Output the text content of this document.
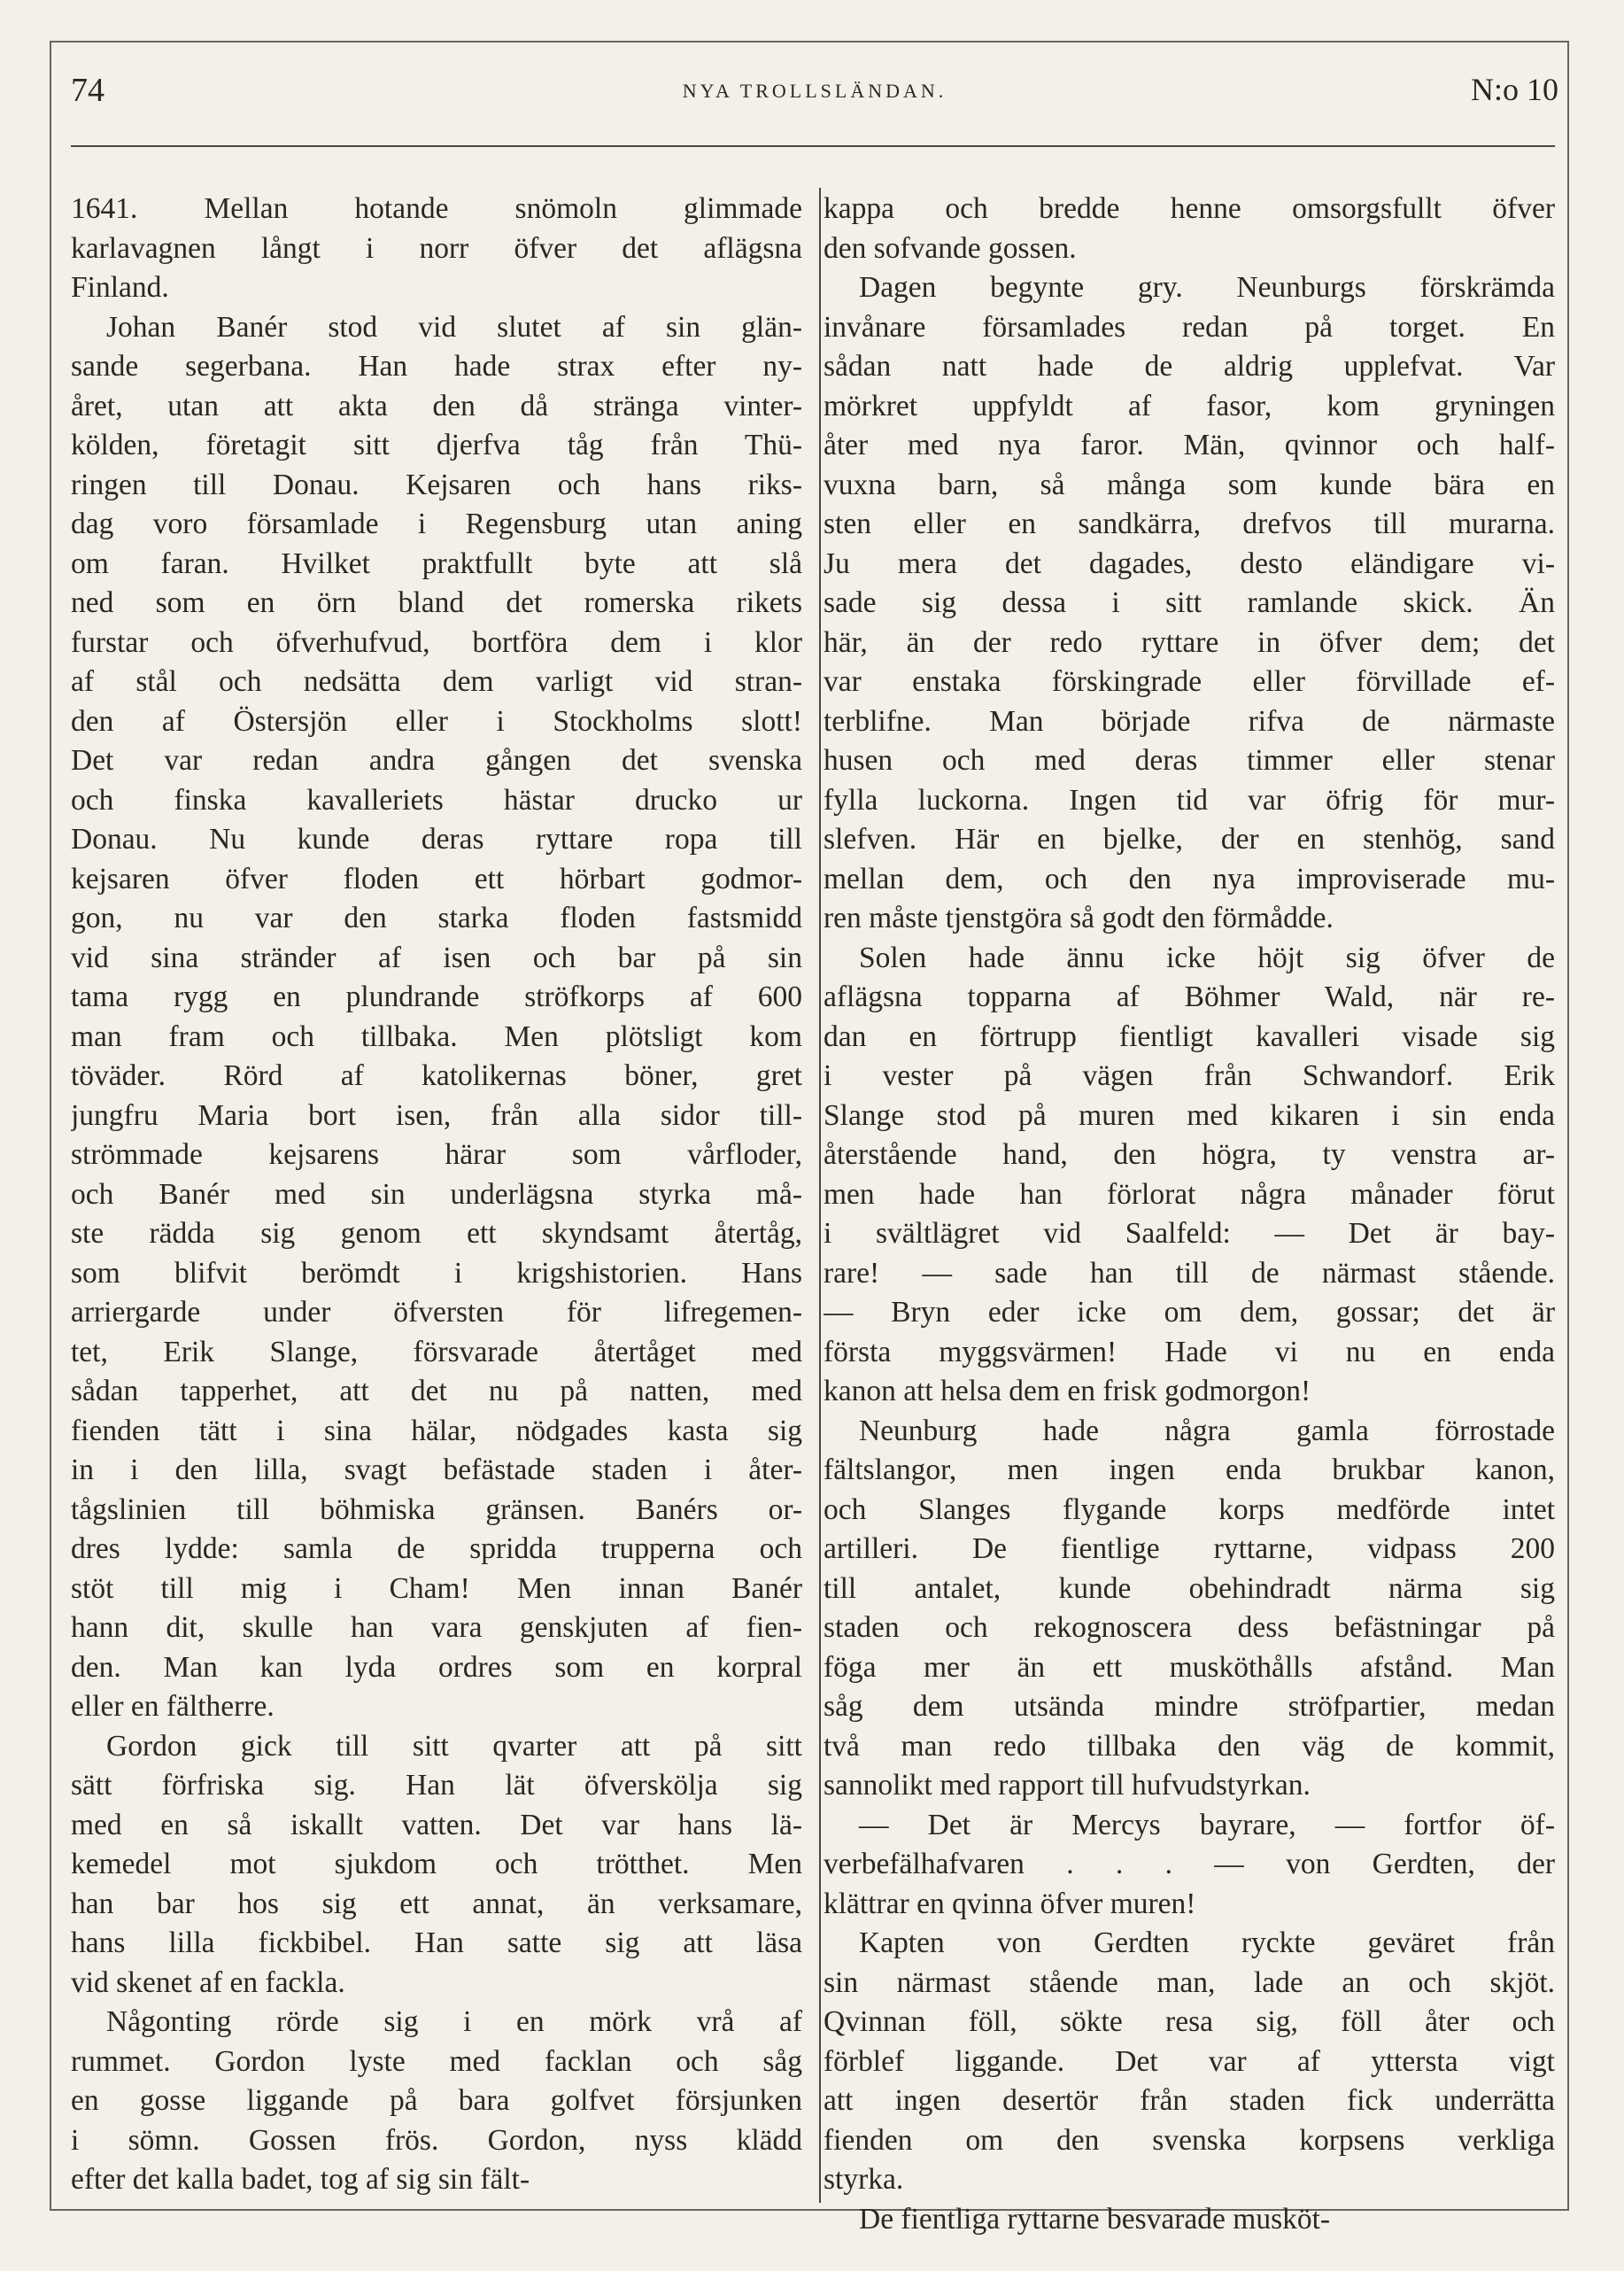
74	NYA TROLLSLÄNDAN.	N:o 10
1641. Mellan hotande snömoln glimmade
karlavagnen långt i norr öfver det aflägsna
Finland.
Johan Banér stod vid slutet af sin glän-
sande segerbana. Han hade strax efter ny-
året, utan att akta den då stränga vinter-
kölden, företagit sitt djerfva tåg från Thü-
ringen till Donau. Kejsaren och hans riks-
dag voro församlade i Regensburg utan aning
om faran. Hvilket praktfullt byte att slå
ned som en örn bland det romerska rikets
furstar och öfverhufvud, bortföra dem i klor
af stål och nedsätta dem varligt vid stran-
den af Östersjön eller i Stockholms slott!
Det var redan andra gången det svenska
och finska kavalleriets hästar drucko ur
Donau. Nu kunde deras ryttare ropa till
kejsaren öfver floden ett hörbart godmor-
gon, nu var den starka floden fastsmidd
vid sina stränder af isen och bar på sin
tama rygg en plundrande ströfkorps af 600
man fram och tillbaka. Men plötsligt kom
töväder. Rörd af katolikernas böner, gret
jungfru Maria bort isen, från alla sidor till-
strömmade kejsarens härar som vårfloder,
och Banér med sin underlägsna styrka må-
ste rädda sig genom ett skyndsamt återtåg,
som blifvit berömdt i krigshistorien. Hans
arriergarde under öfversten för lifregemen-
tet, Erik Slange, försvarade återtåget med
sådan tapperhet, att det nu på natten, med
fienden tätt i sina hälar, nödgades kasta sig
in i den lilla, svagt befästade staden i åter-
tågslinien till böhmiska gränsen. Banérs or-
dres lydde: samla de spridda trupperna och
stöt till mig i Cham! Men innan Banér
hann dit, skulle han vara genskjuten af fien-
den. Man kan lyda ordres som en korpral
eller en fältherre.
Gordon gick till sitt qvarter att på sitt
sätt förfriska sig. Han lät öfverskölja sig
med en så iskallt vatten. Det var hans lä-
kemedel mot sjukdom och trötthet. Men
han bar hos sig ett annat, än verksamare,
hans lilla fickbibel. Han satte sig att läsa
vid skenet af en fackla.
Någonting rörde sig i en mörk vrå af
rummet. Gordon lyste med facklan och såg
en gosse liggande på bara golfvet försjunken
i sömn. Gossen frös. Gordon, nyss klädd
efter det kalla badet, tog af sig sin fält-
kappa och bredde henne omsorgsfullt öfver
den sofvande gossen.
Dagen begynte gry. Neunburgs förskrämda
invånare församlades redan på torget. En
sådan natt hade de aldrig upplefvat. Var
mörkret uppfyldt af fasor, kom gryningen
åter med nya faror. Män, qvinnor och half-
vuxna barn, så många som kunde bära en
sten eller en sandkärra, drefvos till murarna.
Ju mera det dagades, desto eländigare vi-
sade sig dessa i sitt ramlande skick. Än
här, än der redo ryttare in öfver dem; det
var enstaka förskingrade eller förvillade ef-
terblifne. Man började rifva de närmaste
husen och med deras timmer eller stenar
fylla luckorna. Ingen tid var öfrig för mur-
slefven. Här en bjelke, der en stenhög, sand
mellan dem, och den nya improviserade mu-
ren måste tjenstgöra så godt den förmådde.
Solen hade ännu icke höjt sig öfver de
aflägsna topparna af Böhmer Wald, när re-
dan en förtrupp fientligt kavalleri visade sig
i vester på vägen från Schwandorf. Erik
Slange stod på muren med kikaren i sin enda
återstående hand, den högra, ty venstra ar-
men hade han förlorat några månader förut
i svältlägret vid Saalfeld: — Det är bay-
rare! — sade han till de närmast stående.
— Bryn eder icke om dem, gossar; det är
första myggsvärmen! Hade vi nu en enda
kanon att helsa dem en frisk godmorgon!
Neunburg hade några gamla förrostade
fältslangor, men ingen enda brukbar kanon,
och Slanges flygande korps medförde intet
artilleri. De fientlige ryttarne, vidpass 200
till antalet, kunde obehindradt närma sig
staden och rekognoscera dess befästningar på
föga mer än ett musköthålls afstånd. Man
såg dem utsända mindre ströfpartier, medan
två man redo tillbaka den väg de kommit,
sannolikt med rapport till hufvudstyrkan.
— Det är Mercys bayrare, — fortfor öf-
verbefälhafvaren . . . — von Gerdten, der
klättrar en qvinna öfver muren!
Kapten von Gerdten ryckte geväret från
sin närmast stående man, lade an och skjöt.
Qvinnan föll, sökte resa sig, föll åter och
förblef liggande. Det var af yttersta vigt
att ingen desertör från staden fick underrätta
fienden om den svenska korpsens verkliga
styrka.
De fientliga ryttarne besvarade musköt-
